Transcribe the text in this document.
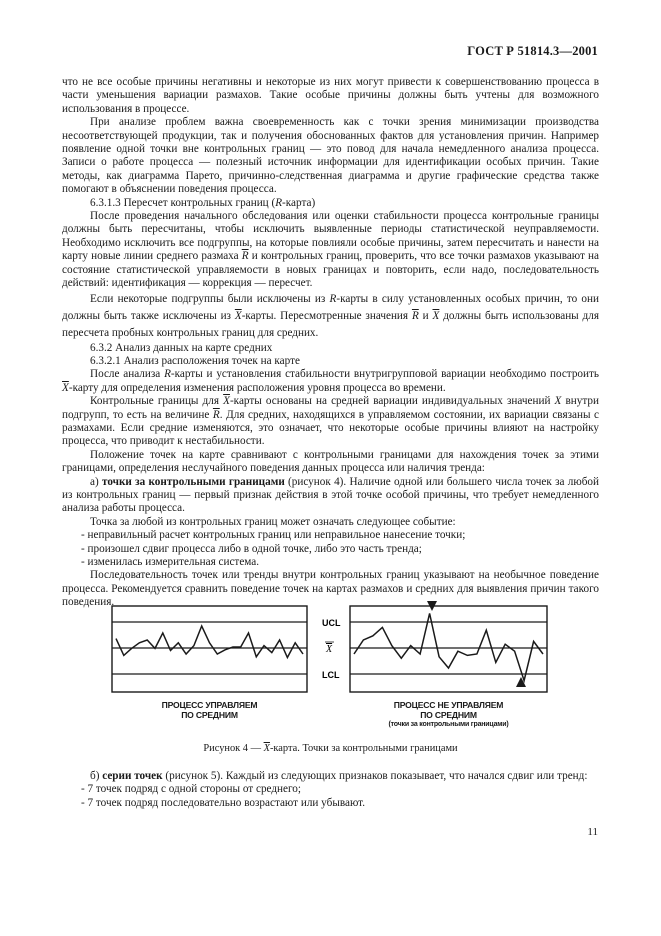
ГОСТ Р 51814.3—2001

что не все особые причины негативны и некоторые из них могут привести к совершенствованию процесса в части уменьшения вариации размахов. Такие особые причины должны быть учтены для возможного использования в процессе.

При анализе проблем важна своевременность как с точки зрения минимизации производства несоответствующей продукции, так и получения обоснованных фактов для установления причин. Например появление одной точки вне контрольных границ — это повод для начала немедленного анализа процесса. Записи о работе процесса — полезный источник информации для идентификации особых причин. Такие методы, как диаграмма Парето, причинно-следственная диаграмма и другие графические средства также помогают в объяснении поведения процесса.

6.3.1.3 Пересчет контрольных границ (R-карта)

После проведения начального обследования или оценки стабильности процесса контрольные границы должны быть пересчитаны, чтобы исключить выявленные периоды статистической неуправляемости. Необходимо исключить все подгруппы, на которые повлияли особые причины, затем пересчитать и нанести на карту новые линии среднего размаха $\overline{R}$ и контрольных границ, проверить, что все точки размахов указывают на состояние статистической управляемости в новых границах и повторить, если надо, последовательность действий: идентификация — коррекция — пересчет.

Если некоторые подгруппы были исключены из R-карты в силу установленных особых причин, то они должны быть также исключены из $\overline{X}$-карты. Пересмотренные значения $\overline{R}$ и $\overline{X}$ должны быть использованы для пересчета пробных контрольных границ для средних.

6.3.2 Анализ данных на карте средних

6.3.2.1 Анализ расположения точек на карте

После анализа R-карты и установления стабильности внутригрупповой вариации необходимо построить $\overline{X}$-карту для определения изменения расположения уровня процесса во времени.

Контрольные границы для $\overline{X}$-карты основаны на средней вариации индивидуальных значений X внутри подгрупп, то есть на величине $\overline{R}$. Для средних, находящихся в управляемом состоянии, их вариации связаны с размахами. Если средние изменяются, это означает, что некоторые особые причины влияют на настройку процесса, что приводит к нестабильности.

Положение точек на карте сравнивают с контрольными границами для нахождения точек за этими границами, определения неслучайного поведения данных процесса или наличия тренда:

а) точки за контрольными границами (рисунок 4). Наличие одной или большего числа точек за любой из контрольных границ — первый признак действия в этой точке особой причины, что требует немедленного анализа работы процесса.

Точка за любой из контрольных границ может означать следующее событие:

- неправильный расчет контрольных границ или неправильное нанесение точки;

- произошел сдвиг процесса либо в одной точке, либо это часть тренда;

- изменилась измерительная система.

Последовательность точек или тренды внутри контрольных границ указывают на необычное поведение процесса. Рекомендуется сравнить поведение точек на картах размахов и средних для выявления причин такого поведения.

UCL
X
LCL
ПРОЦЕСС УПРАВЛЯЕМ
ПО СРЕДНИМ
ПРОЦЕСС НЕ УПРАВЛЯЕМ
ПО СРЕДНИМ
(точки за контрольными границами)
Рисунок 4 — $\overline{X}$-карта. Точки за контрольными границами

б) серии точек (рисунок 5). Каждый из следующих признаков показывает, что начался сдвиг или тренд:

- 7 точек подряд с одной стороны от среднего;

- 7 точек подряд последовательно возрастают или убывают.

11
